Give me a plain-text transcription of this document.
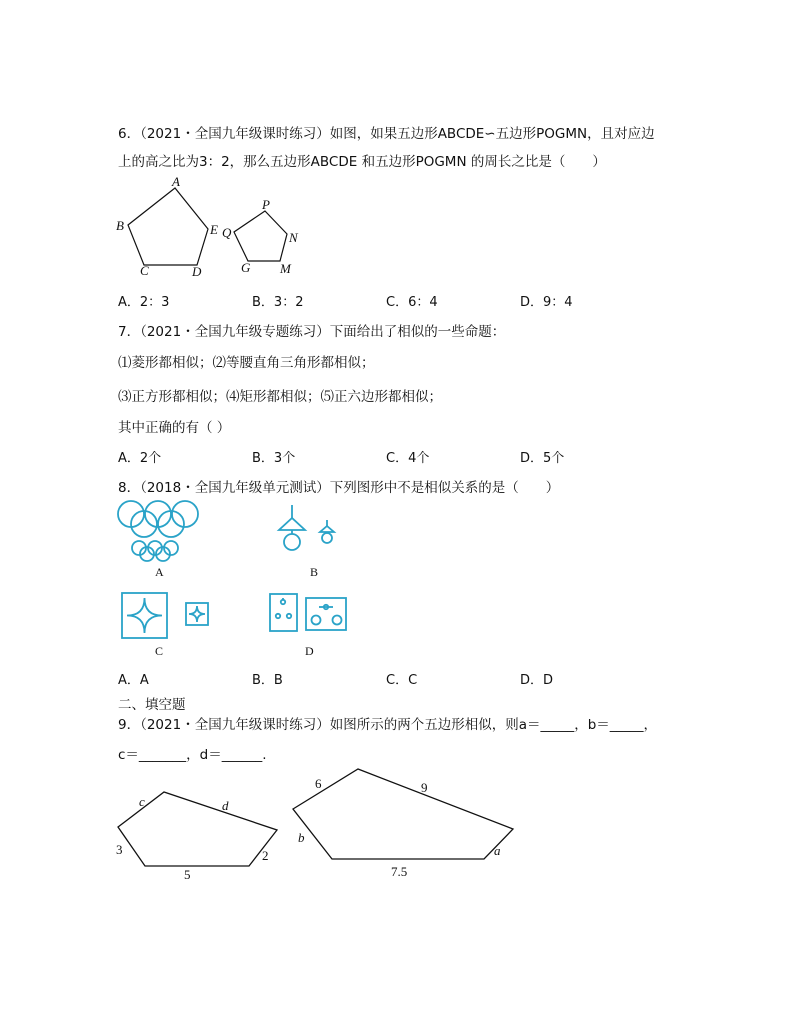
6．（2021・全国九年级课时练习）如图，如果五边形ABCDE∽五边形POGMN，且对应边
上的高之比为3：2，那么五边形ABCDE 和五边形POGMN 的周长之比是（　　）
A
B	E
C	D
P
Q	N
G M
A．2：3	B．3：2	C．6：4	D．9：4
7．（2021・全国九年级专题练习）下面给出了相似的一些命题：
⑴菱形都相似；⑵等腰直角三角形都相似；
⑶正方形都相似；⑷矩形都相似；⑸正六边形都相似；
其中正确的有（ ）
A．2个	B．3个	C．4个	D．5个
8．（2018・全国九年级单元测试）下列图形中不是相似关系的是（　　）
A	B
C	D
A．A	B．B	C．C	D．D
二、填空题
9．（2021・全国九年级课时练习）如图所示的两个五边形相似，则a＝_____，b＝_____，
c＝_______，d＝______.
c	d
3	2
5
6	9
b
a
7.5
